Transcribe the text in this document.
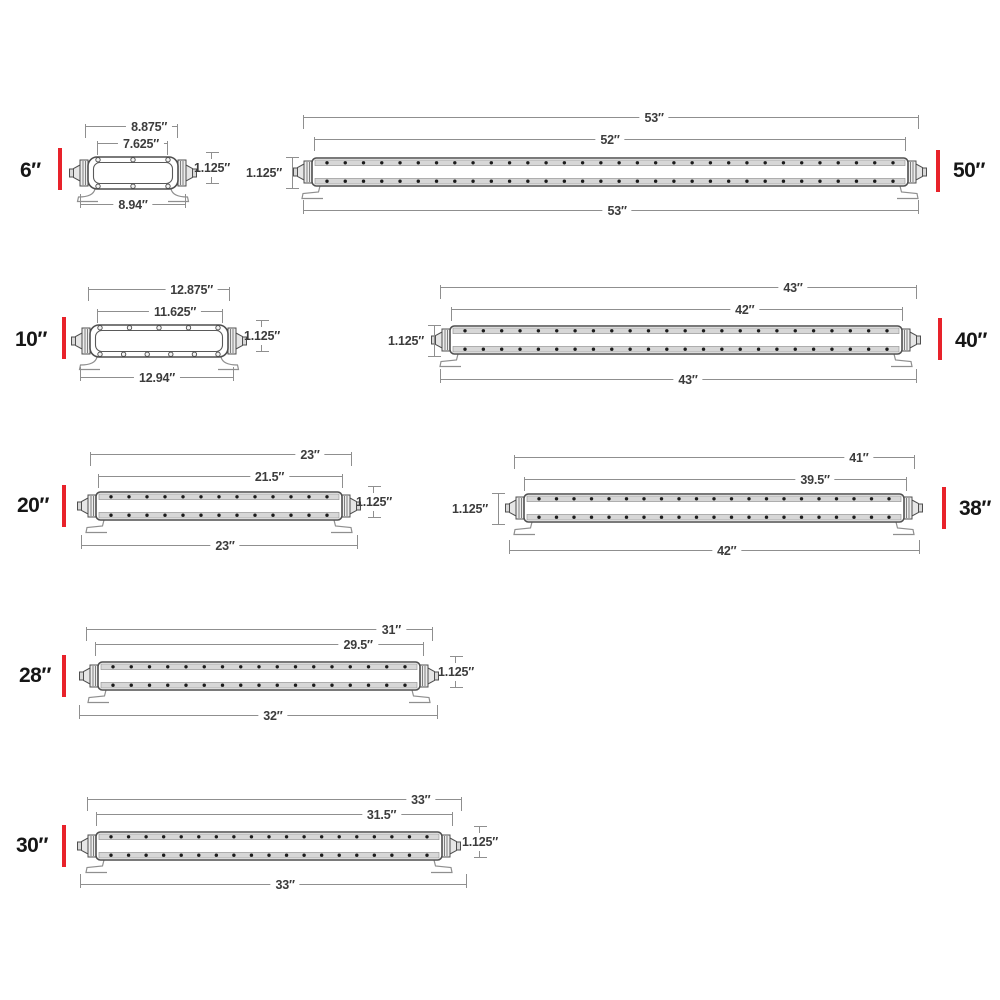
6″
8.875″
7.625″
8.94″
1.125″
53″
52″
53″
1.125″	50″
10″
12.875″
11.625″
12.94″
1.125″
43″
42″
43″
1.125″	40″
20″
23″
21.5″
23″
1.125″
41″
39.5″
42″
1.125″	38″
28″
31″
29.5″
32″
1.125″
30″
33″
31.5″
33″
1.125″
